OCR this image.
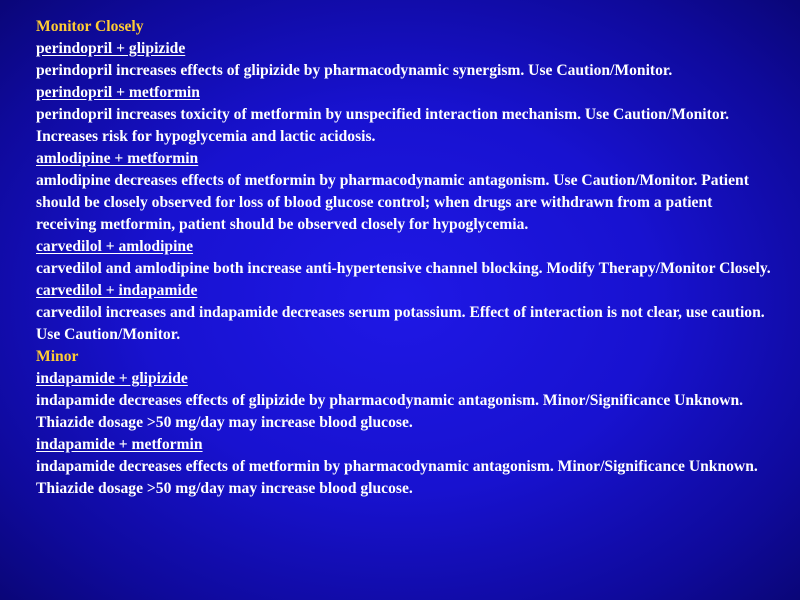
Monitor Closely
perindopril + glipizide
perindopril increases effects of glipizide by pharmacodynamic synergism. Use Caution/Monitor.
perindopril + metformin
perindopril increases toxicity of metformin by unspecified interaction mechanism. Use Caution/Monitor. Increases risk for hypoglycemia and lactic acidosis.
amlodipine + metformin
amlodipine decreases effects of metformin by pharmacodynamic antagonism. Use Caution/Monitor. Patient should be closely observed for loss of blood glucose control; when drugs are withdrawn from a patient receiving metformin, patient should be observed closely for hypoglycemia.
carvedilol + amlodipine
carvedilol and amlodipine both increase anti-hypertensive channel blocking. Modify Therapy/Monitor Closely.
carvedilol + indapamide
carvedilol increases and indapamide decreases serum potassium. Effect of interaction is not clear, use caution. Use Caution/Monitor.
Minor
indapamide + glipizide
indapamide decreases effects of glipizide by pharmacodynamic antagonism. Minor/Significance Unknown. Thiazide dosage >50 mg/day may increase blood glucose.
indapamide + metformin
indapamide decreases effects of metformin by pharmacodynamic antagonism. Minor/Significance Unknown. Thiazide dosage >50 mg/day may increase blood glucose.
